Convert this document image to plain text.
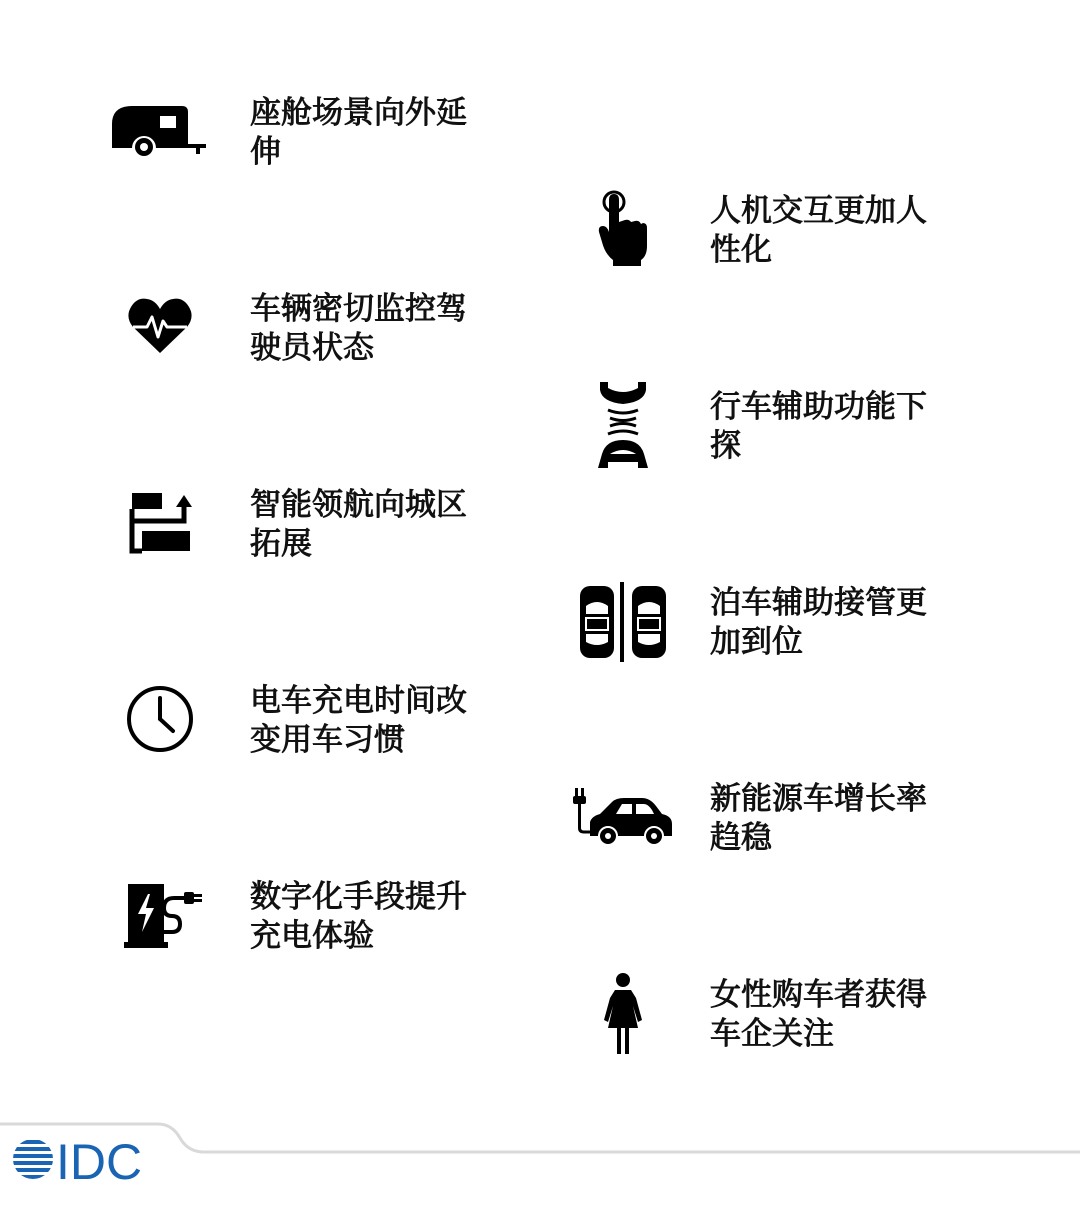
座舱场景向外延伸
人机交互更加人性化
车辆密切监控驾驶员状态
行车辅助功能下探
智能领航向城区拓展
泊车辅助接管更加到位
电车充电时间改变用车习惯
新能源车增长率趋稳
数字化手段提升充电体验
女性购车者获得车企关注
IDC
